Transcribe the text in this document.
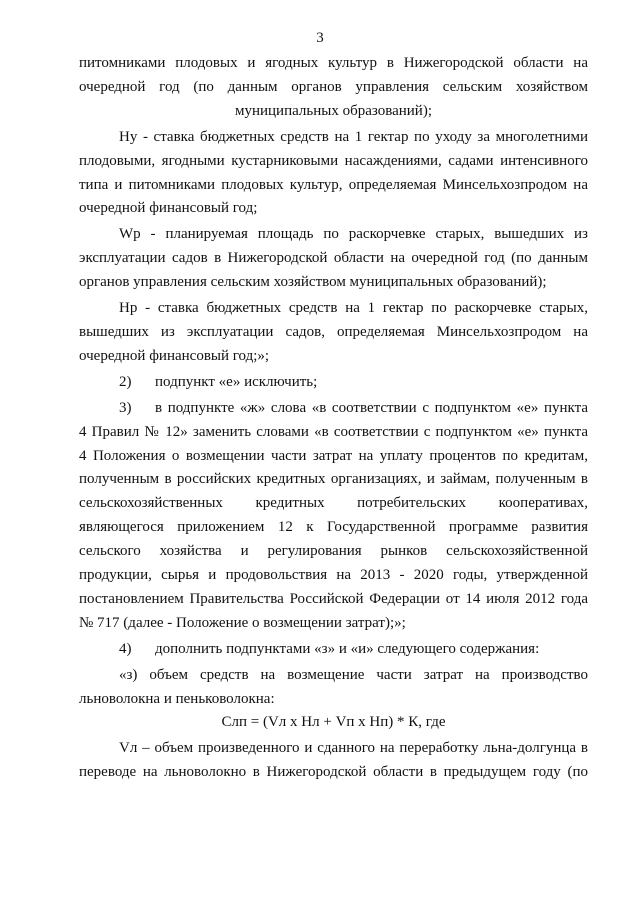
3
питомниками плодовых и ягодных культур в Нижегородской области на
очередной год (по данным органов управления сельским хозяйством
муниципальных образований);
Ну - ставка бюджетных средств на 1 гектар по уходу за многолетними
плодовыми, ягодными кустарниковыми насаждениями, садами интенсивного
типа и питомниками плодовых культур, определяемая Минсельхозпродом на
очередной финансовый год;
Wр - планируемая площадь по раскорчевке старых, вышедших из
эксплуатации садов в Нижегородской области на очередной год (по данным
органов управления сельским хозяйством муниципальных образований);
Нр - ставка бюджетных средств на 1 гектар по раскорчевке старых,
вышедших из эксплуатации садов, определяемая Минсельхозпродом на
очередной финансовый год;»;
2)	подпункт «е» исключить;
3)	в подпункте «ж» слова «в соответствии с подпунктом «е» пункта
4 Правил № 12» заменить словами «в соответствии с подпунктом «е» пункта
4 Положения о возмещении части затрат на уплату процентов по кредитам,
полученным в российских кредитных организациях, и займам, полученным в
сельскохозяйственных кредитных потребительских кооперативах,
являющегося приложением 12 к Государственной программе развития
сельского хозяйства и регулирования рынков сельскохозяйственной
продукции, сырья и продовольствия на 2013 - 2020 годы, утвержденной
постановлением Правительства Российской Федерации от 14 июля 2012 года
№ 717 (далее - Положение о возмещении затрат);»;
4)	дополнить подпунктами «з» и «и» следующего содержания:
«з) объем средств на возмещение части затрат на производство
льноволокна и пеньковолокна:
Слп = (Vл х Нл + Vп х Нп) * К, где
Vл – объем произведенного и сданного на переработку льна-долгунца в
переводе на льноволокно в Нижегородской области в предыдущем году (по
